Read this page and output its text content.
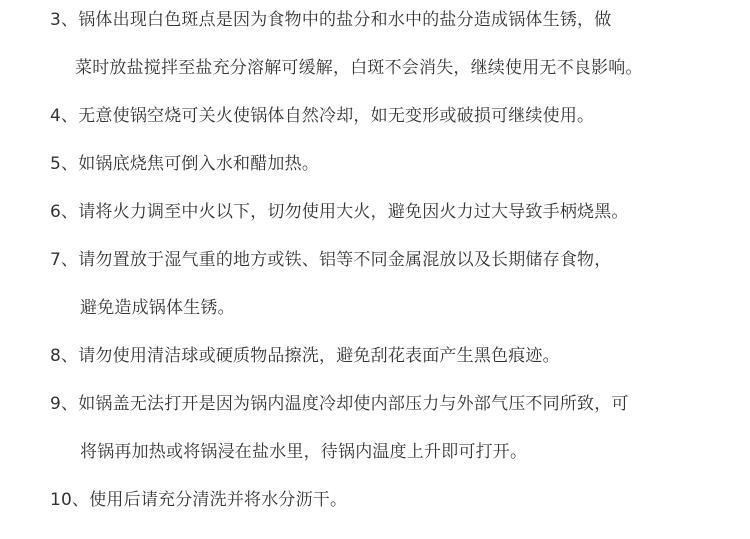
3、锅体出现白色斑点是因为食物中的盐分和水中的盐分造成锅体生锈，做
菜时放盐搅拌至盐充分溶解可缓解，白斑不会消失，继续使用无不良影响。
4、无意使锅空烧可关火使锅体自然冷却，如无变形或破损可继续使用。
5、如锅底烧焦可倒入水和醋加热。
6、请将火力调至中火以下，切勿使用大火，避免因火力过大导致手柄烧黑。
7、请勿置放于湿气重的地方或铁、铝等不同金属混放以及长期储存食物，
避免造成锅体生锈。
8、请勿使用清洁球或硬质物品擦洗，避免刮花表面产生黑色痕迹。
9、如锅盖无法打开是因为锅内温度冷却使内部压力与外部气压不同所致，可
将锅再加热或将锅浸在盐水里，待锅内温度上升即可打开。
10、使用后请充分清洗并将水分沥干。
